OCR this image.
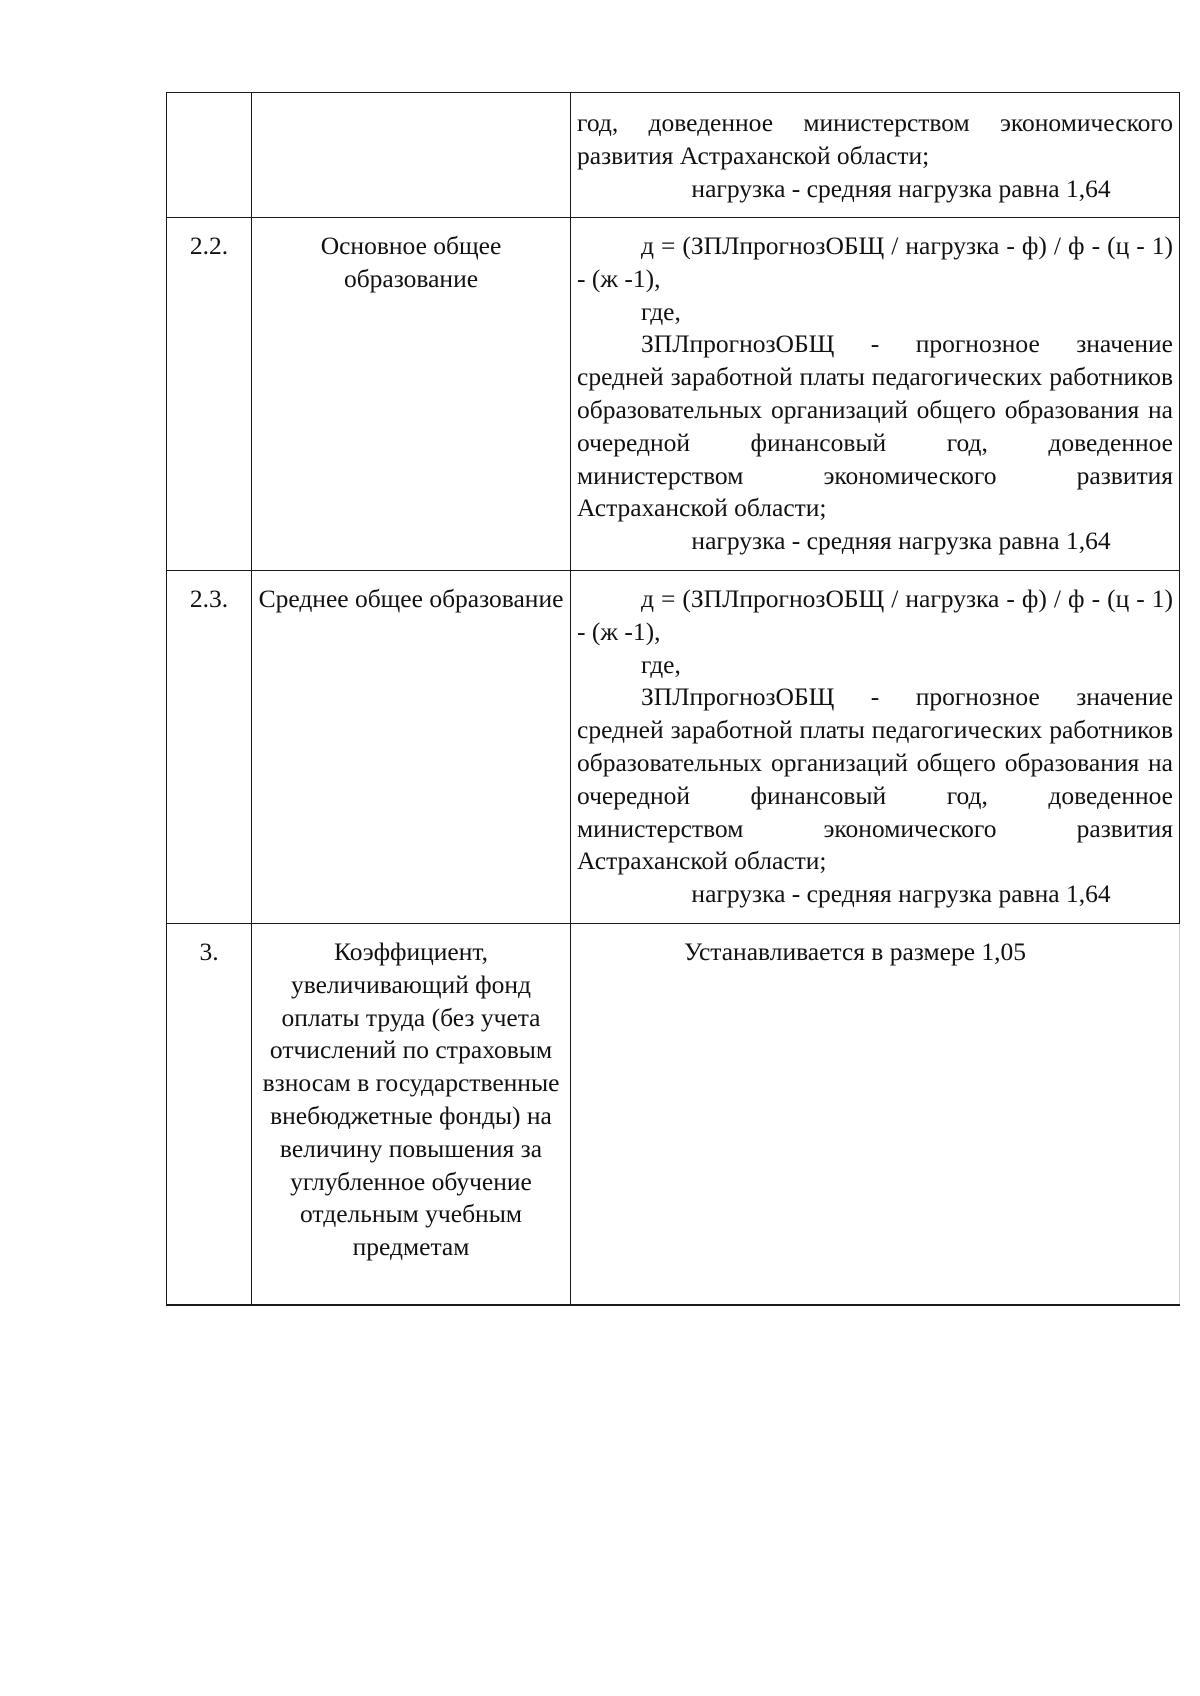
		год, доведенное министерством экономического развития Астраханской области;
нагрузка - средняя нагрузка равна 1,64

2.2.	Основное общее образование	д = (ЗПЛпрогнозОБЩ / нагрузка - ф) / ф - (ц - 1) - (ж -1),
где,
ЗПЛпрогнозОБЩ - прогнозное значение средней заработной платы педагогических работников образовательных организаций общего образования на очередной финансовый год, доведенное министерством экономического развития Астраханской области;
нагрузка - средняя нагрузка равна 1,64

2.3.	Среднее общее образование	д = (ЗПЛпрогнозОБЩ / нагрузка - ф) / ф - (ц - 1) - (ж -1),
где,
ЗПЛпрогнозОБЩ - прогнозное значение средней заработной платы педагогических работников образовательных организаций общего образования на очередной финансовый год, доведенное министерством экономического развития Астраханской области;
нагрузка - средняя нагрузка равна 1,64

3.	Коэффициент, увеличивающий фонд оплаты труда (без учета отчислений по страховым взносам в государственные внебюджетные фонды) на величину повышения за углубленное обучение отдельным учебным предметам	Устанавливается в размере 1,05
